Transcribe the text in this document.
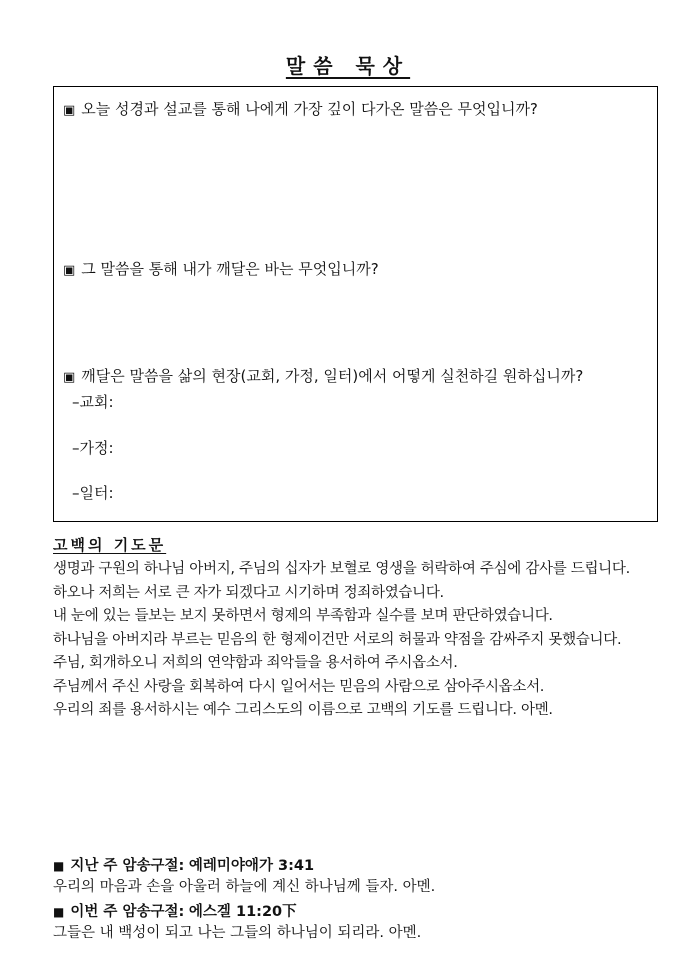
말씀 묵상
▣ 오늘 성경과 설교를 통해 나에게 가장 깊이 다가온 말씀은 무엇입니까?
▣ 그 말씀을 통해 내가 깨달은 바는 무엇입니까?
▣ 깨달은 말씀을 삶의 현장(교회, 가정, 일터)에서 어떻게 실천하길 원하십니까?
–교회:
–가정:
–일터:
고백의 기도문
생명과 구원의 하나님 아버지, 주님의 십자가 보혈로 영생을 허락하여 주심에 감사를 드립니다.
하오나 저희는 서로 큰 자가 되겠다고 시기하며 정죄하였습니다.
내 눈에 있는 들보는 보지 못하면서 형제의 부족함과 실수를 보며 판단하였습니다.
하나님을 아버지라 부르는 믿음의 한 형제이건만 서로의 허물과 약점을 감싸주지 못했습니다.
주님, 회개하오니 저희의 연약함과 죄악들을 용서하여 주시옵소서.
주님께서 주신 사랑을 회복하여 다시 일어서는 믿음의 사람으로 삼아주시옵소서.
우리의 죄를 용서하시는 예수 그리스도의 이름으로 고백의 기도를 드립니다. 아멘.
■ 지난 주 암송구절: 예레미야애가 3:41
우리의 마음과 손을 아울러 하늘에 계신 하나님께 들자. 아멘.
■ 이번 주 암송구절: 에스겔 11:20下
그들은 내 백성이 되고 나는 그들의 하나님이 되리라. 아멘.
